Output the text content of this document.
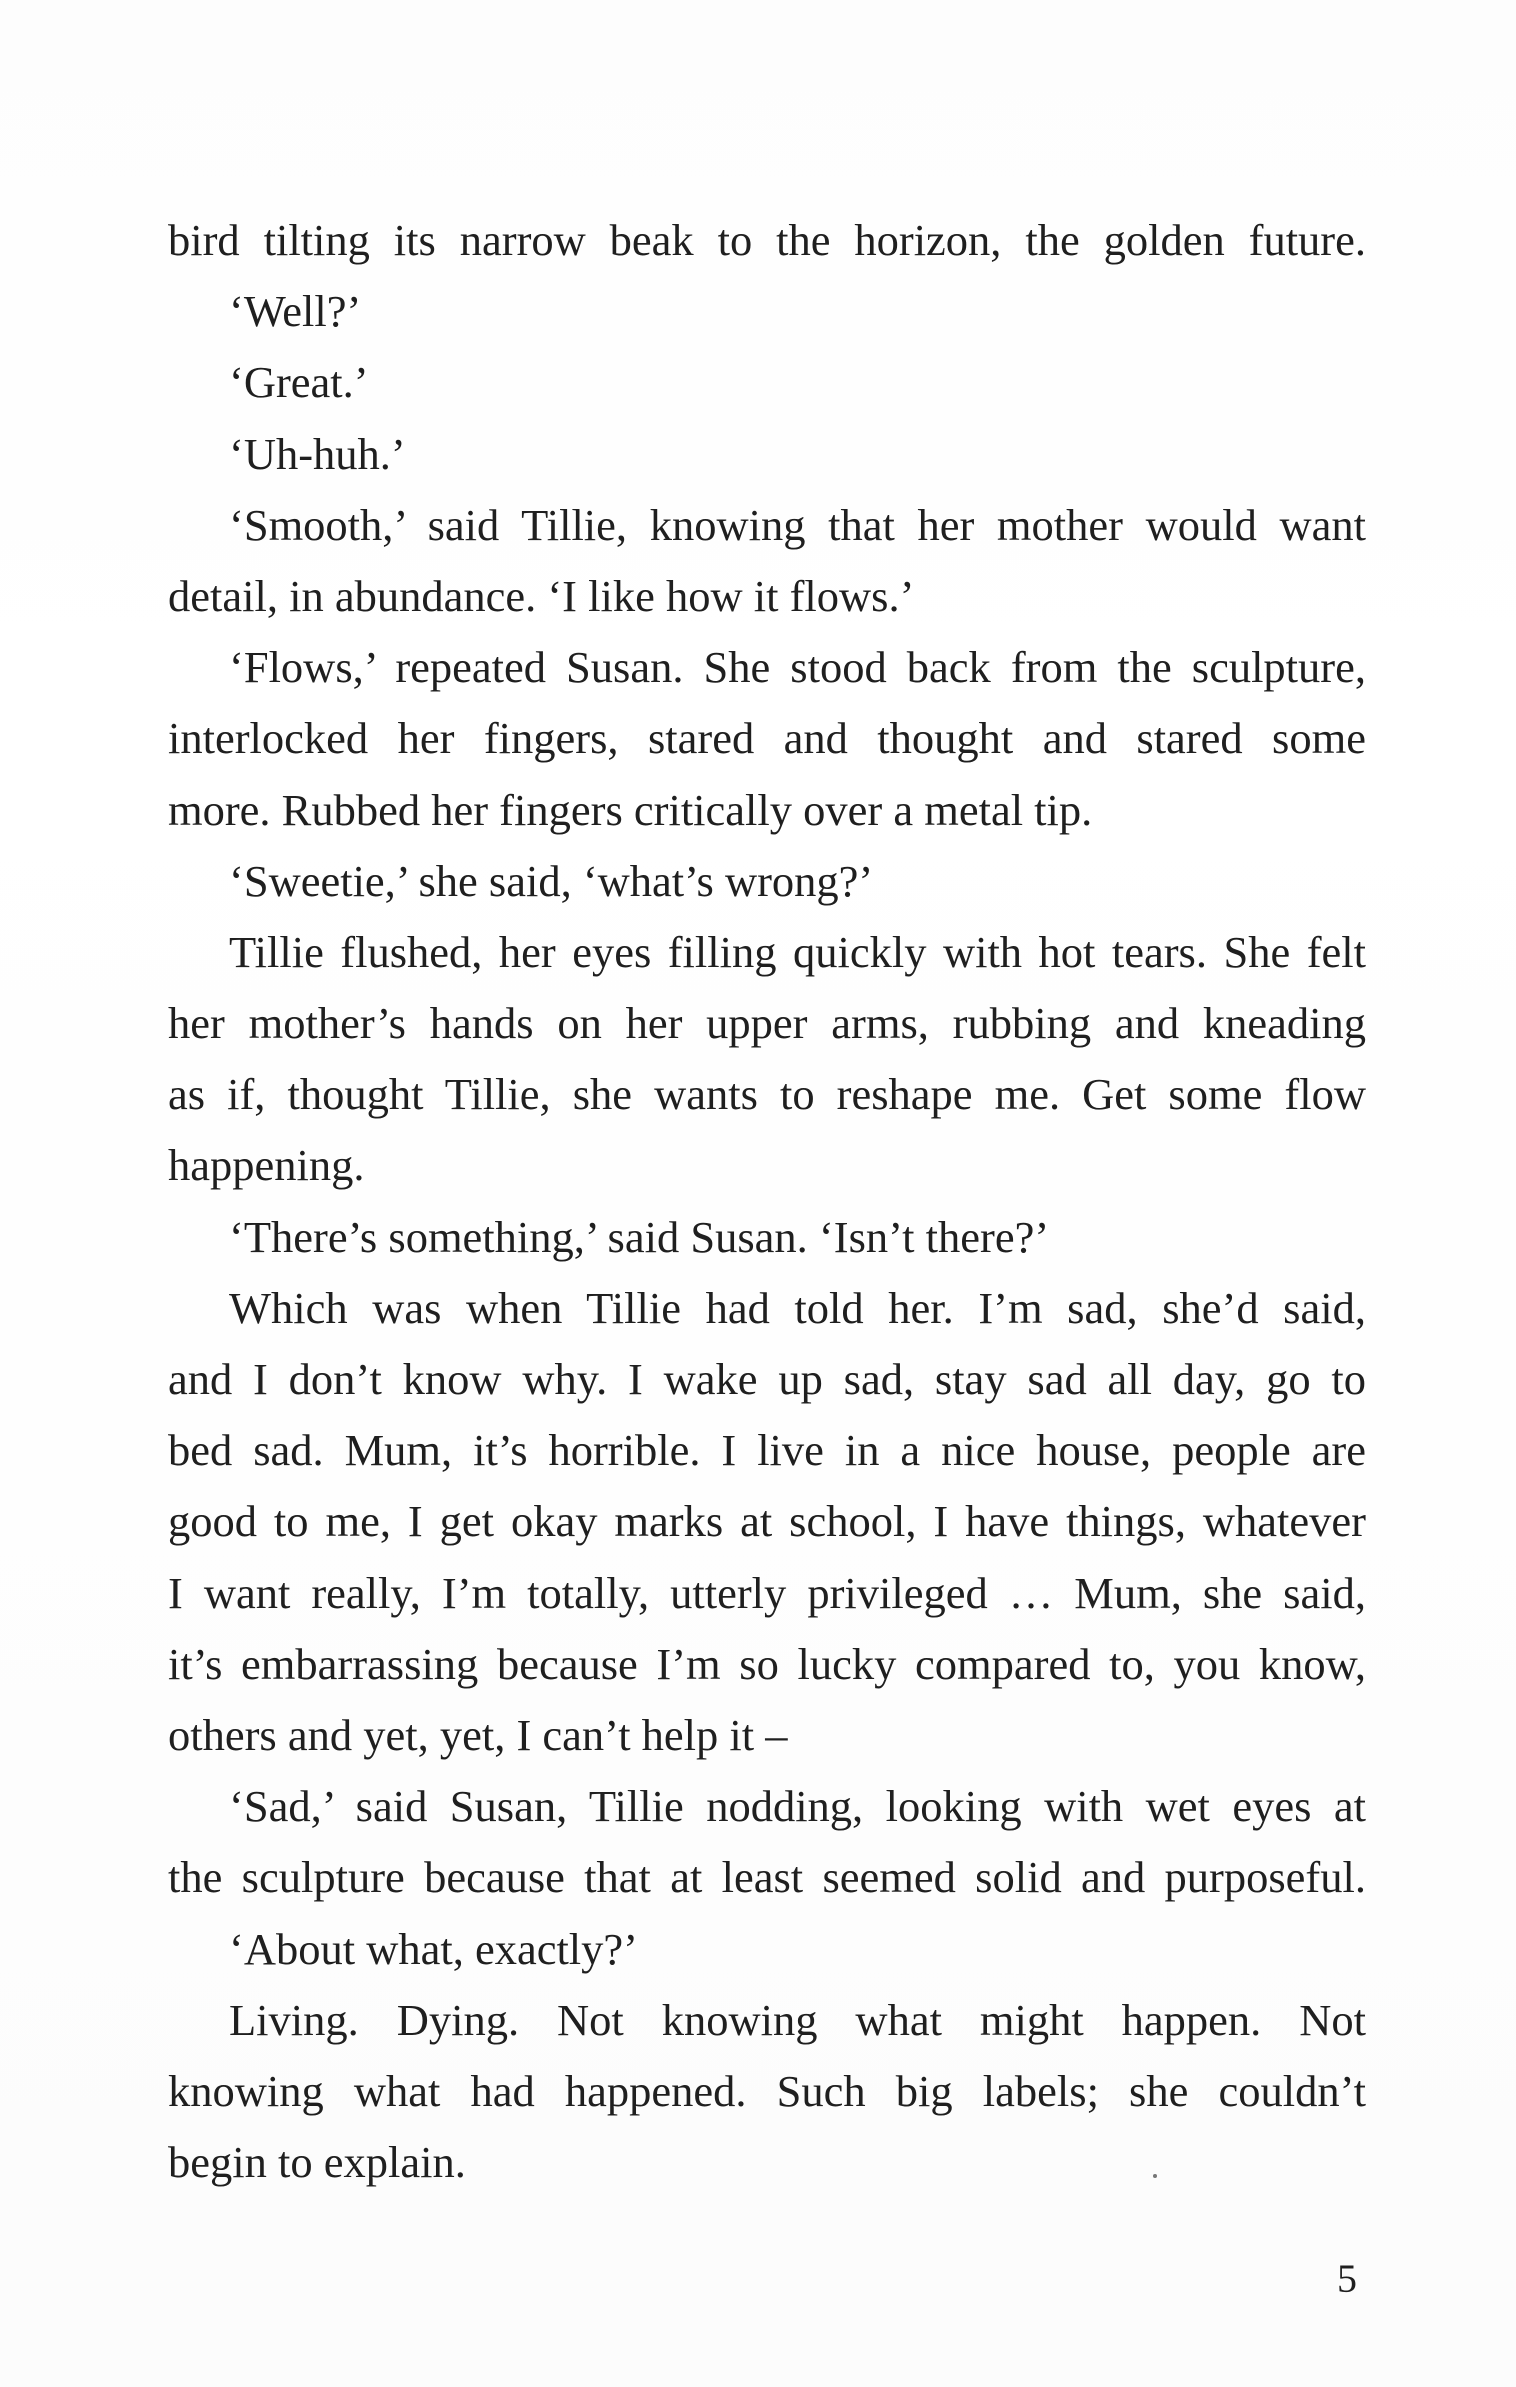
bird tilting its narrow beak to the horizon, the golden future.
‘Well?’
‘Great.’
‘Uh-huh.’
‘Smooth,’ said Tillie, knowing that her mother would want
detail, in abundance. ‘I like how it flows.’
‘Flows,’ repeated Susan. She stood back from the sculpture,
interlocked her fingers, stared and thought and stared some
more. Rubbed her fingers critically over a metal tip.
‘Sweetie,’ she said, ‘what’s wrong?’
Tillie flushed, her eyes filling quickly with hot tears. She felt
her mother’s hands on her upper arms, rubbing and kneading
as if, thought Tillie, she wants to reshape me. Get some flow
happening.
‘There’s something,’ said Susan. ‘Isn’t there?’
Which was when Tillie had told her. I’m sad, she’d said,
and I don’t know why. I wake up sad, stay sad all day, go to
bed sad. Mum, it’s horrible. I live in a nice house, people are
good to me, I get okay marks at school, I have things, whatever
I want really, I’m totally, utterly privileged … Mum, she said,
it’s embarrassing because I’m so lucky compared to, you know,
others and yet, yet, I can’t help it –
‘Sad,’ said Susan, Tillie nodding, looking with wet eyes at
the sculpture because that at least seemed solid and purposeful.
‘About what, exactly?’
Living. Dying. Not knowing what might happen. Not
knowing what had happened. Such big labels; she couldn’t
begin to explain.
5
